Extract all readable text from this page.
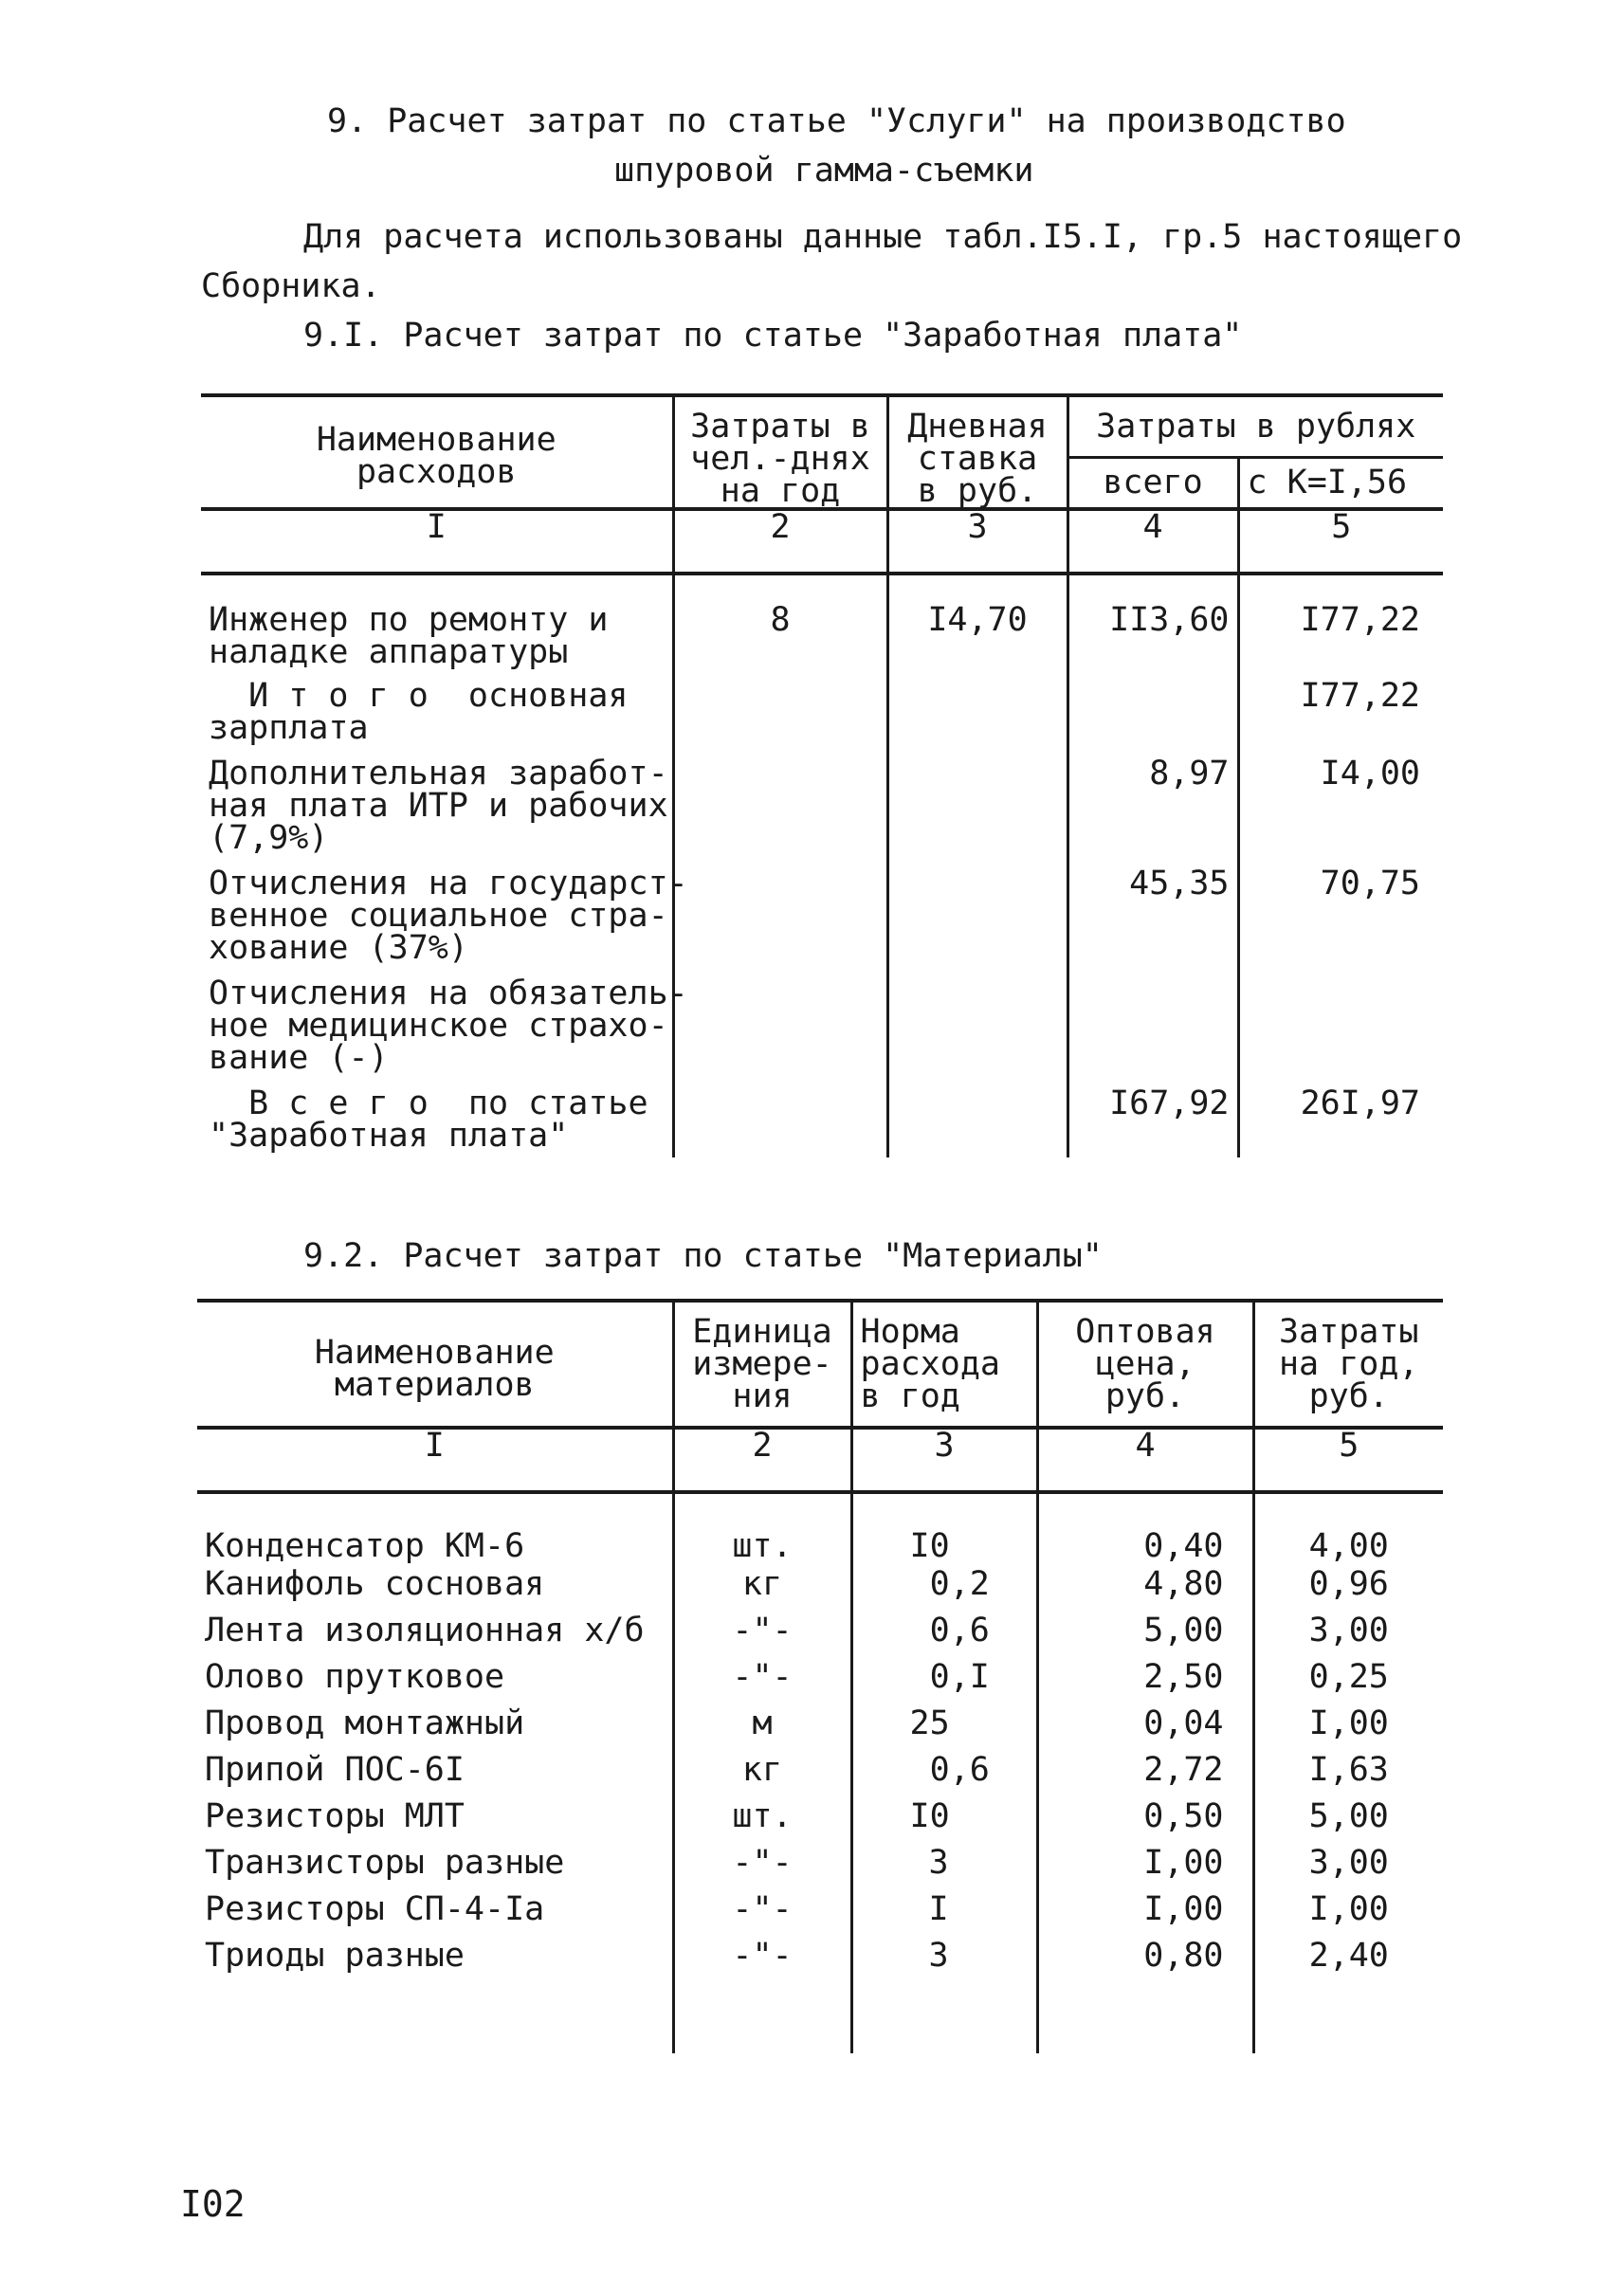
9. Расчет затрат по статье "Услуги" на производство
шпуровой гамма-съемки
Для расчета использованы данные табл.I5.I, гр.5 настоящего
Сборника.
9.I. Расчет затрат по статье "Заработная плата"
Наименование
расходов	Затраты в
чел.-днях
на год	Дневная
ставка
в руб.	Затраты в рублях	
			всего	с К=I,56
I	2	3	4	5
Инженер по ремонту и
наладке аппаратуры	8	I4,70	II3,60	I77,22
И т о г о  основная
зарплата				I77,22
Дополнительная заработ-
ная плата ИТР и рабочих
(7,9%)			8,97	I4,00
Отчисления на государст-
венное социальное стра-
хование (37%)			45,35	70,75
Отчисления на обязатель-
ное медицинское страхо-
вание (-)				
В с е г о  по статье
"Заработная плата"			I67,92	26I,97
9.2. Расчет затрат по статье "Материалы"
Наименование
материалов	Единица
измере-
ния	Норма
расхода
в год	Оптовая
цена,
руб.	Затраты
на год,
руб.
I	2	3	4	5
Конденсатор КМ-6	шт.	I0	0,40	4,00
Канифоль сосновая	кг	0,2	4,80	0,96
Лента изоляционная х/б	-"-	0,6	5,00	3,00
Олово прутковое	-"-	0,I	2,50	0,25
Провод монтажный	м	25	0,04	I,00
Припой ПОС-6I	кг	0,6	2,72	I,63
Резисторы МЛТ	шт.	I0	0,50	5,00
Транзисторы разные	-"-	3	I,00	3,00
Резисторы СП-4-Iа	-"-	I	I,00	I,00
Триоды разные	-"-	3	0,80	2,40
I02
